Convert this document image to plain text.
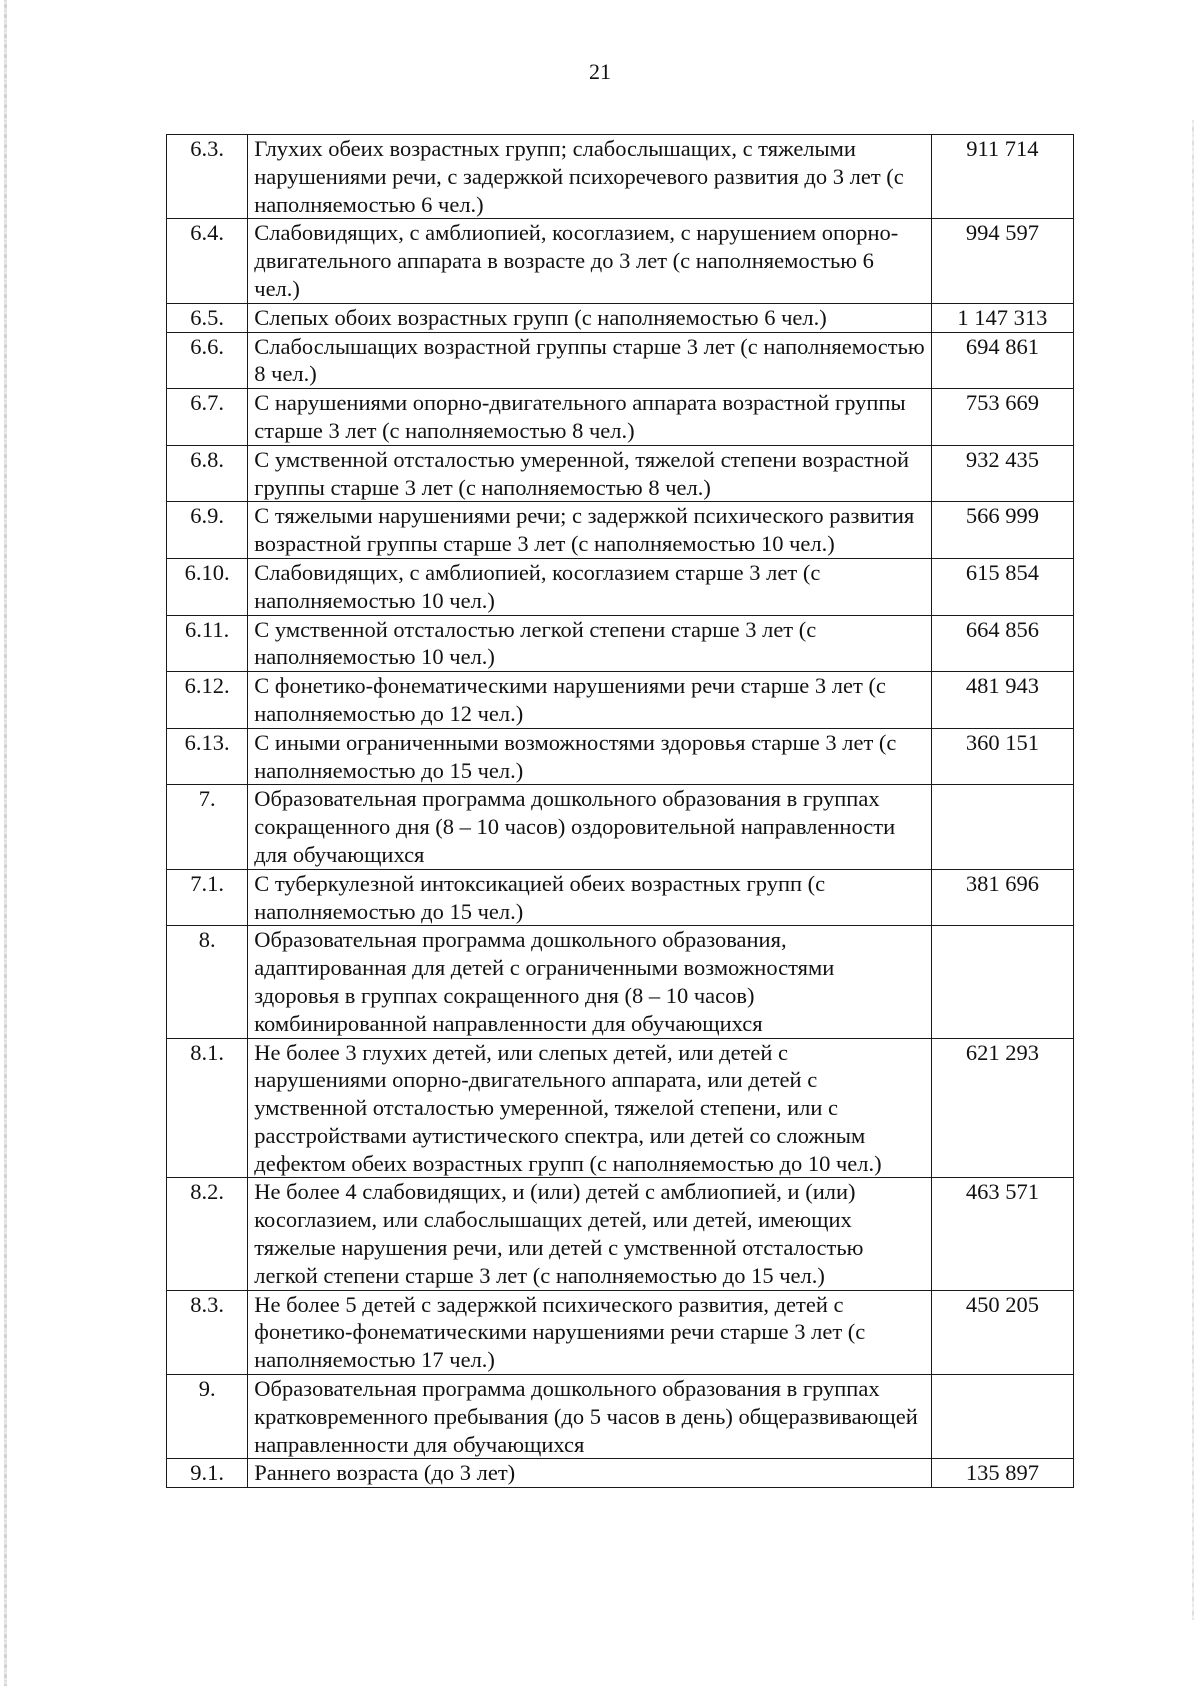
21
6.3.	Глухих обеих возрастных групп; слабослышащих, с тяжелыми нарушениями речи, с задержкой психоречевого развития до 3 лет (с наполняемостью 6 чел.)	911 714
6.4.	Слабовидящих, с амблиопией, косоглазием, с нарушением опорно-двигательного аппарата в возрасте до 3 лет (с наполняемостью 6 чел.)	994 597
6.5.	Слепых обоих возрастных групп (с наполняемостью 6 чел.)	1 147 313
6.6.	Слабослышащих возрастной группы старше 3 лет (с наполняемостью 8 чел.)	694 861
6.7.	С нарушениями опорно-двигательного аппарата возрастной группы старше 3 лет (с наполняемостью 8 чел.)	753 669
6.8.	С умственной отсталостью умеренной, тяжелой степени возрастной группы старше 3 лет (с наполняемостью 8 чел.)	932 435
6.9.	С тяжелыми нарушениями речи; с задержкой психического развития возрастной группы старше 3 лет (с наполняемостью 10 чел.)	566 999
6.10.	Слабовидящих, с амблиопией, косоглазием старше 3 лет (с наполняемостью 10 чел.)	615 854
6.11.	С умственной отсталостью легкой степени старше 3 лет (с наполняемостью 10 чел.)	664 856
6.12.	С фонетико-фонематическими нарушениями речи старше 3 лет (с наполняемостью до 12 чел.)	481 943
6.13.	С иными ограниченными возможностями здоровья старше 3 лет (с наполняемостью до 15 чел.)	360 151
7.	Образовательная программа дошкольного образования в группах сокращенного дня (8 – 10 часов) оздоровительной направленности для обучающихся	
7.1.	С туберкулезной интоксикацией обеих возрастных групп (с наполняемостью до 15 чел.)	381 696
8.	Образовательная программа дошкольного образования, адаптированная для детей с ограниченными возможностями здоровья в группах сокращенного дня (8 – 10 часов) комбинированной направленности для обучающихся	
8.1.	Не более 3 глухих детей, или слепых детей, или детей с нарушениями опорно-двигательного аппарата, или детей с умственной отсталостью умеренной, тяжелой степени, или с расстройствами аутистического спектра, или детей со сложным дефектом обеих возрастных групп (с наполняемостью до 10 чел.)	621 293
8.2.	Не более 4 слабовидящих, и (или) детей с амблиопией, и (или) косоглазием, или слабослышащих детей, или детей, имеющих тяжелые нарушения речи, или детей с умственной отсталостью легкой степени старше 3 лет (с наполняемостью до 15 чел.)	463 571
8.3.	Не более 5 детей с задержкой психического развития, детей с фонетико-фонематическими нарушениями речи старше 3 лет (с наполняемостью 17 чел.)	450 205
9.	Образовательная программа дошкольного образования в группах кратковременного пребывания (до 5 часов в день) общеразвивающей направленности для обучающихся	
9.1.	Раннего возраста (до 3 лет)	135 897
